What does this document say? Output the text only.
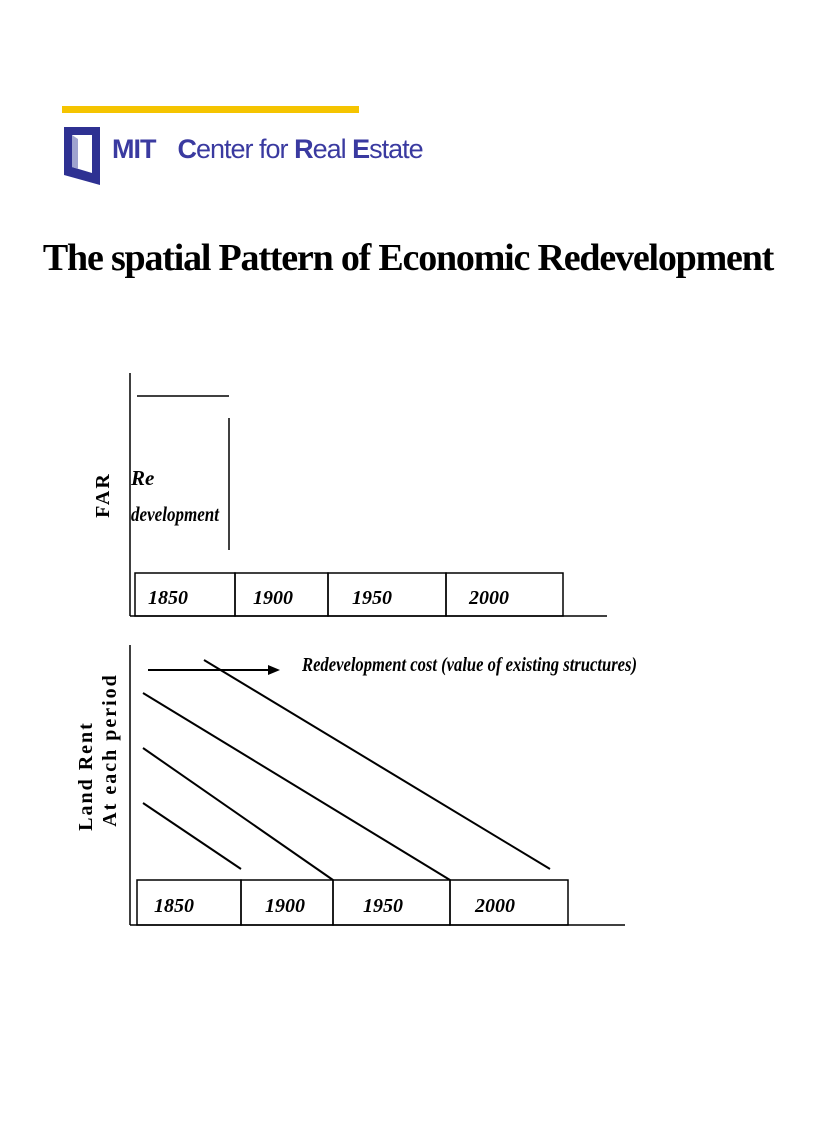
MIT Center for Real Estate
The spatial Pattern of Economic Redevelopment
FAR Re
development
1850	1900	1950	2000
Land Rent At each period
Redevelopment cost (value of existing structures)
1850	1900	1950	2000
